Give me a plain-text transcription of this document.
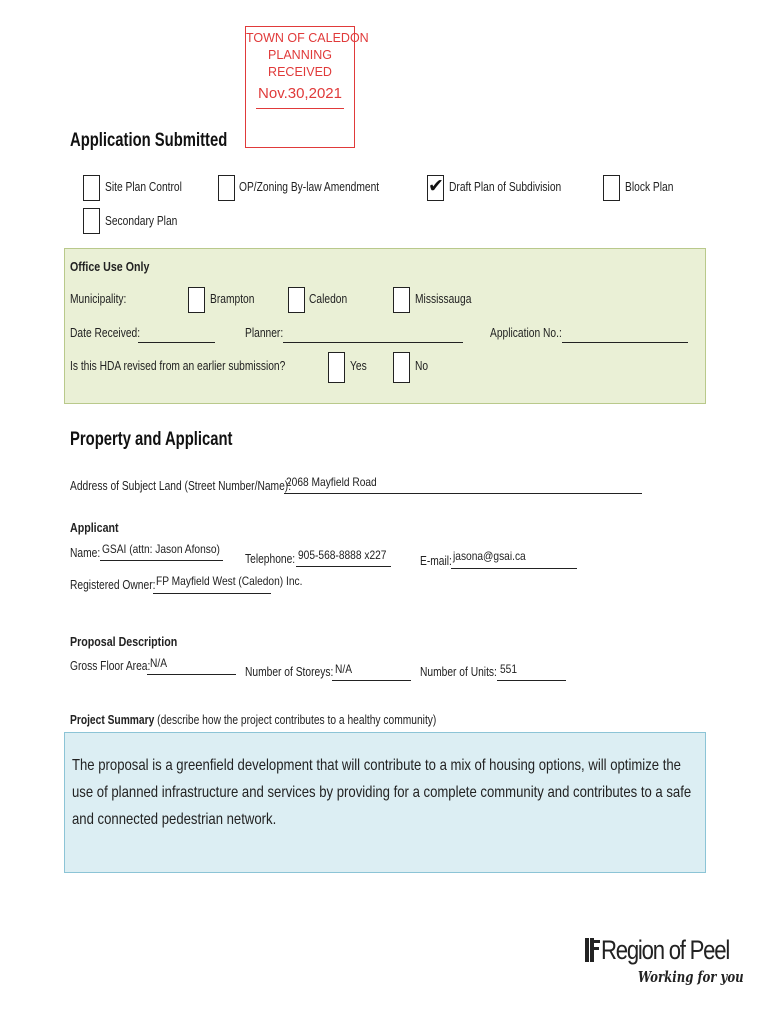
TOWN OF CALEDON
PLANNING
RECEIVED
Nov.30,2021
Application Submitted
Site Plan Control	OP/Zoning By-law Amendment	✔ Draft Plan of Subdivision	Block Plan
Secondary Plan
Office Use Only
Municipality:	Brampton	Caledon	Mississauga
Date Received:	Planner:	Application No.:
Is this HDA revised from an earlier submission?	Yes	No
Property and Applicant
Address of Subject Land (Street Number/Name):
2068 Mayfield Road
Applicant
Name: GSAI (attn: Jason Afonso)
Telephone: 905-568-8888 x227	E-mail: jasona@gsai.ca
Registered Owner: FP Mayfield West (Caledon) Inc.
Proposal Description
Gross Floor Area: N/A
Number of Storeys: N/A	Number of Units: 551
Project Summary (describe how the project contributes to a healthy community)
The proposal is a greenfield development that will contribute to a mix of housing options, will optimize the use of planned infrastructure and services by providing for a complete community and contributes to a safe and connected pedestrian network.
Region of Peel
Working for you
